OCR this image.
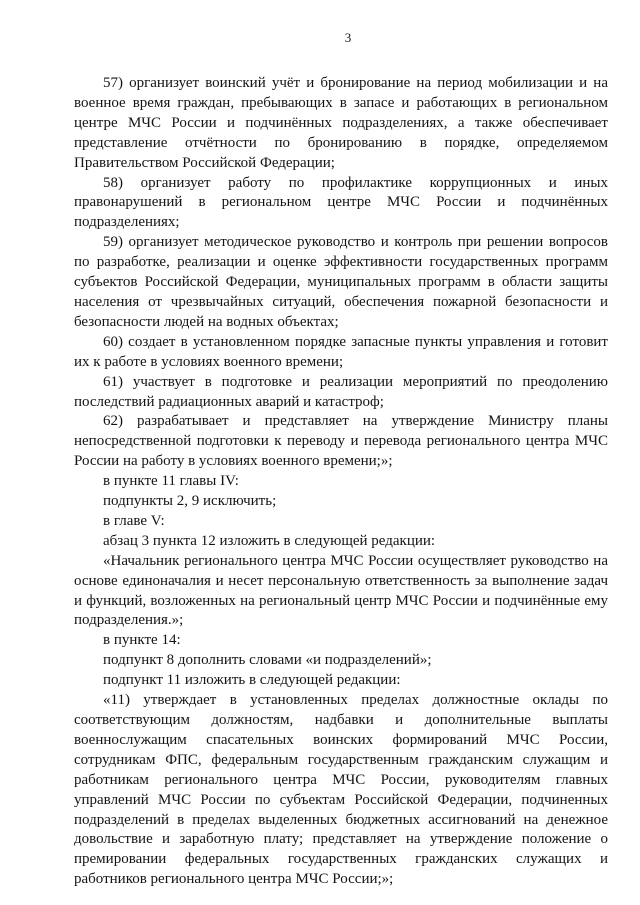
3

57) организует воинский учёт и бронирование на период мобилизации и на военное время граждан, пребывающих в запасе и работающих в региональном центре МЧС России и подчинённых подразделениях, а также обеспечивает представление отчётности по бронированию в порядке, определяемом Правительством Российской Федерации;

58) организует работу по профилактике коррупционных и иных правонарушений в региональном центре МЧС России и подчинённых подразделениях;

59) организует методическое руководство и контроль при решении вопросов по разработке, реализации и оценке эффективности государственных программ субъектов Российской Федерации, муниципальных программ в области защиты населения от чрезвычайных ситуаций, обеспечения пожарной безопасности и безопасности людей на водных объектах;

60) создает в установленном порядке запасные пункты управления и готовит их к работе в условиях военного времени;

61) участвует в подготовке и реализации мероприятий по преодолению последствий радиационных аварий и катастроф;

62) разрабатывает и представляет на утверждение Министру планы непосредственной подготовки к переводу и перевода регионального центра МЧС России на работу в условиях военного времени;»;

в пункте 11 главы IV:

подпункты 2, 9 исключить;

в главе V:

абзац 3 пункта 12 изложить в следующей редакции:

«Начальник регионального центра МЧС России осуществляет руководство на основе единоначалия и несет персональную ответственность за выполнение задач и функций, возложенных на региональный центр МЧС России и подчинённые ему подразделения.»;

в пункте 14:

подпункт 8 дополнить словами «и подразделений»;

подпункт 11 изложить в следующей редакции:

«11) утверждает в установленных пределах должностные оклады по соответствующим должностям, надбавки и дополнительные выплаты военнослужащим спасательных воинских формирований МЧС России, сотрудникам ФПС, федеральным государственным гражданским служащим и работникам регионального центра МЧС России, руководителям главных управлений МЧС России по субъектам Российской Федерации, подчиненных подразделений в пределах выделенных бюджетных ассигнований на денежное довольствие и заработную плату; представляет на утверждение положение о премировании федеральных государственных гражданских служащих и работников регионального центра МЧС России;»;
